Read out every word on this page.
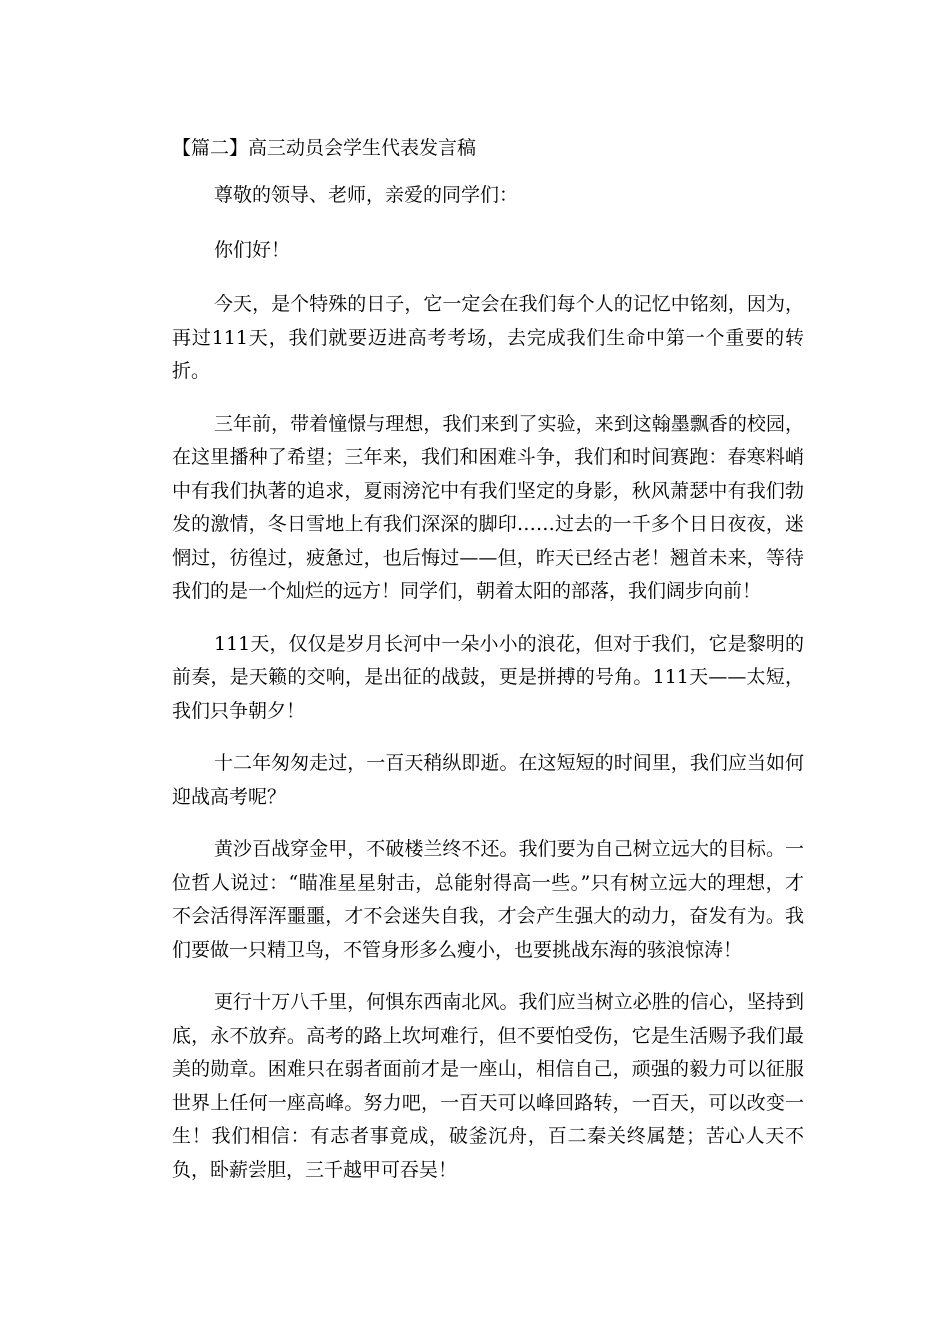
【篇二】高三动员会学生代表发言稿

尊敬的领导、老师，亲爱的同学们：

你们好！

今天，是个特殊的日子，它一定会在我们每个人的记忆中铭刻，因为，再过111天，我们就要迈进高考考场，去完成我们生命中第一个重要的转折。

三年前，带着憧憬与理想，我们来到了实验，来到这翰墨飘香的校园，在这里播种了希望；三年来，我们和困难斗争，我们和时间赛跑：春寒料峭中有我们执著的追求，夏雨滂沱中有我们坚定的身影，秋风萧瑟中有我们勃发的激情，冬日雪地上有我们深深的脚印……过去的一千多个日日夜夜，迷惘过，彷徨过，疲惫过，也后悔过——但，昨天已经古老！翘首未来，等待我们的是一个灿烂的远方！同学们，朝着太阳的部落，我们阔步向前！

111天，仅仅是岁月长河中一朵小小的浪花，但对于我们，它是黎明的前奏，是天籁的交响，是出征的战鼓，更是拼搏的号角。111天——太短，我们只争朝夕！

十二年匆匆走过，一百天稍纵即逝。在这短短的时间里，我们应当如何迎战高考呢？

黄沙百战穿金甲，不破楼兰终不还。我们要为自己树立远大的目标。一位哲人说过：“瞄准星星射击，总能射得高一些。”只有树立远大的理想，才不会活得浑浑噩噩，才不会迷失自我，才会产生强大的动力，奋发有为。我们要做一只精卫鸟，不管身形多么瘦小，也要挑战东海的骇浪惊涛！

更行十万八千里，何惧东西南北风。我们应当树立必胜的信心，坚持到底，永不放弃。高考的路上坎坷难行，但不要怕受伤，它是生活赐予我们最美的勋章。困难只在弱者面前才是一座山，相信自己，顽强的毅力可以征服世界上任何一座高峰。努力吧，一百天可以峰回路转，一百天，可以改变一生！我们相信：有志者事竟成，破釜沉舟，百二秦关终属楚；苦心人天不负，卧薪尝胆，三千越甲可吞吴！
